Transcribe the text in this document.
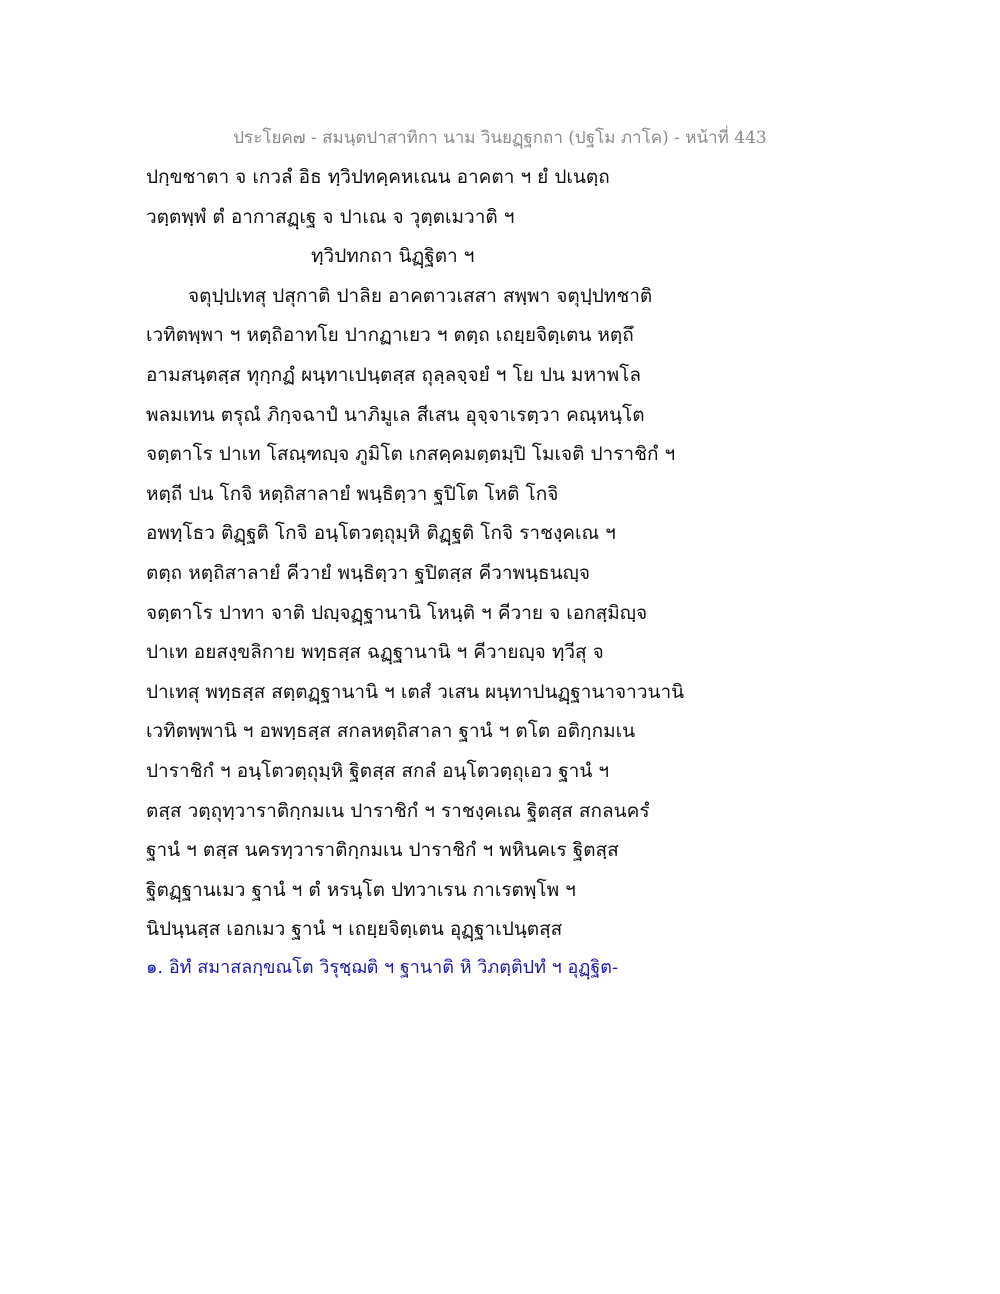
ประโยค๗ - สมนฺตปาสาทิกา นาม วินยฏฺฐกถา (ปฐโม ภาโค) - หน้าที่ 443
ปกฺขชาตา จ เกวลํ อิธ ทฺวิปทคฺคหเณน อาคตา ฯ ยํ ปเนตฺถ
วตฺตพฺพํ ตํ อากาสฏฺเฐ จ ปาเณ จ วุตฺตเมวาติ ฯ
ทฺวิปทกถา นิฏฺฐิตา ฯ
จตุปฺปเทสุ ปสุกาติ ปาลิย อาคตาวเสสา สพฺพา จตุปฺปทชาติ
เวทิตพฺพา ฯ หตฺถิอาทโย ปากฏาเยว ฯ ตตฺถ เถยฺยจิตฺเตน หตฺถึ
อามสนฺตสฺส ทุกฺกฏํ ผนฺทาเปนฺตสฺส ถุลฺลจฺจยํ ฯ โย ปน มหาพโล
พลมเทน ตรุณํ ภิกฺจฉาปํ นาภิมูเล สีเสน อุจฺจาเรตฺวา คณฺหนฺโต
จตฺตาโร ปาเท โสณฺฑญฺจ ภูมิโต เกสคฺคมตฺตมฺปิ โมเจติ ปาราชิกํ ฯ
หตฺถี ปน โกจิ หตฺถิสาลายํ พนฺธิตฺวา ฐปิโต โหติ โกจิ
อพทฺโธว ติฏฺฐติ โกจิ อนฺโตวตฺถุมฺหิ ติฏฺฐติ โกจิ ราชงฺคเณ ฯ
ตตฺถ หตฺถิสาลายํ คีวายํ พนฺธิตฺวา ฐปิตสฺส คีวาพนฺธนญฺจ
จตฺตาโร ปาทา จาติ ปญฺจฏฺฐานานิ โหนฺติ ฯ คีวาย จ เอกสฺมิญฺจ
ปาเท อยสงฺขลิกาย พทฺธสฺส ฉฏฺฐานานิ ฯ คีวายญฺจ ทฺวีสุ จ
ปาเทสุ พทฺธสฺส สตฺตฏฺฐานานิ ฯ เตสํ วเสน ผนฺทาปนฏฺฐานาจาวนานิ
เวทิตพฺพานิ ฯ อพทฺธสฺส สกลหตฺถิสาลา ฐานํ ฯ ตโต อติกฺกมเน
ปาราชิกํ ฯ อนฺโตวตฺถุมฺหิ ฐิตสฺส สกลํ อนฺโตวตฺถุเอว ฐานํ ฯ
ตสฺส วตฺถุทฺวาราติกฺกมเน ปาราชิกํ ฯ ราชงฺคเณ ฐิตสฺส สกลนครํ
ฐานํ ฯ ตสฺส นครทฺวาราติกฺกมเน ปาราชิกํ ฯ พหินคเร ฐิตสฺส
ฐิตฏฺฐานเมว ฐานํ ฯ ตํ หรนฺโต ปทวาเรน กาเรตพฺโพ ฯ
นิปนฺนสฺส เอกเมว ฐานํ ฯ เถยฺยจิตฺเตน อุฏฺฐาเปนฺตสฺส
๑. อิทํ สมาสลกฺขณโต วิรุชฺฌติ ฯ ฐานาติ หิ วิภตฺติปทํ ฯ อุฏฺฐิต-
